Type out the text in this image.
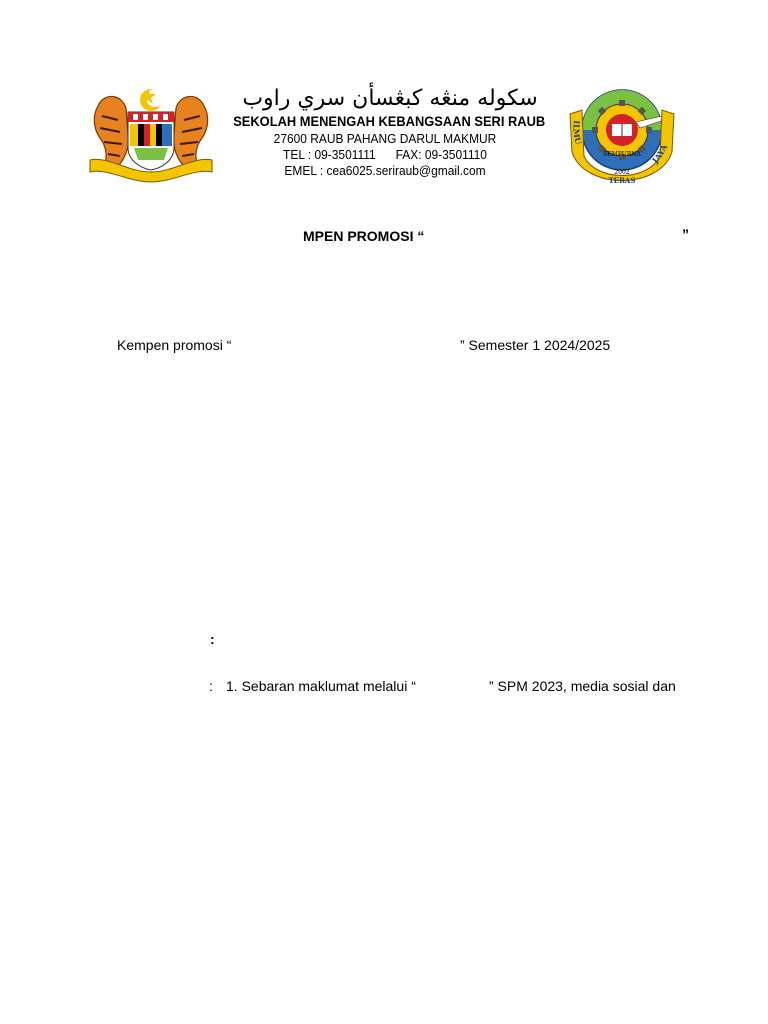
سکوله منڠه کبڠسأن سري راوب
SEKOLAH MENENGAH KEBANGSAAN SERI RAUB
27600 RAUB PAHANG DARUL MAKMUR
TEL : 09-3501111      FAX: 09-3501110
EMEL : cea6025.seriraub@gmail.com
ILMU
JAYA
SEMPURNA
2002
TERAS
MPEN PROMOSI “	”
Kempen promosi “	” Semester 1 2024/2025
:
: 1. Sebaran maklumat melalui “	” SPM 2023, media sosial dan
